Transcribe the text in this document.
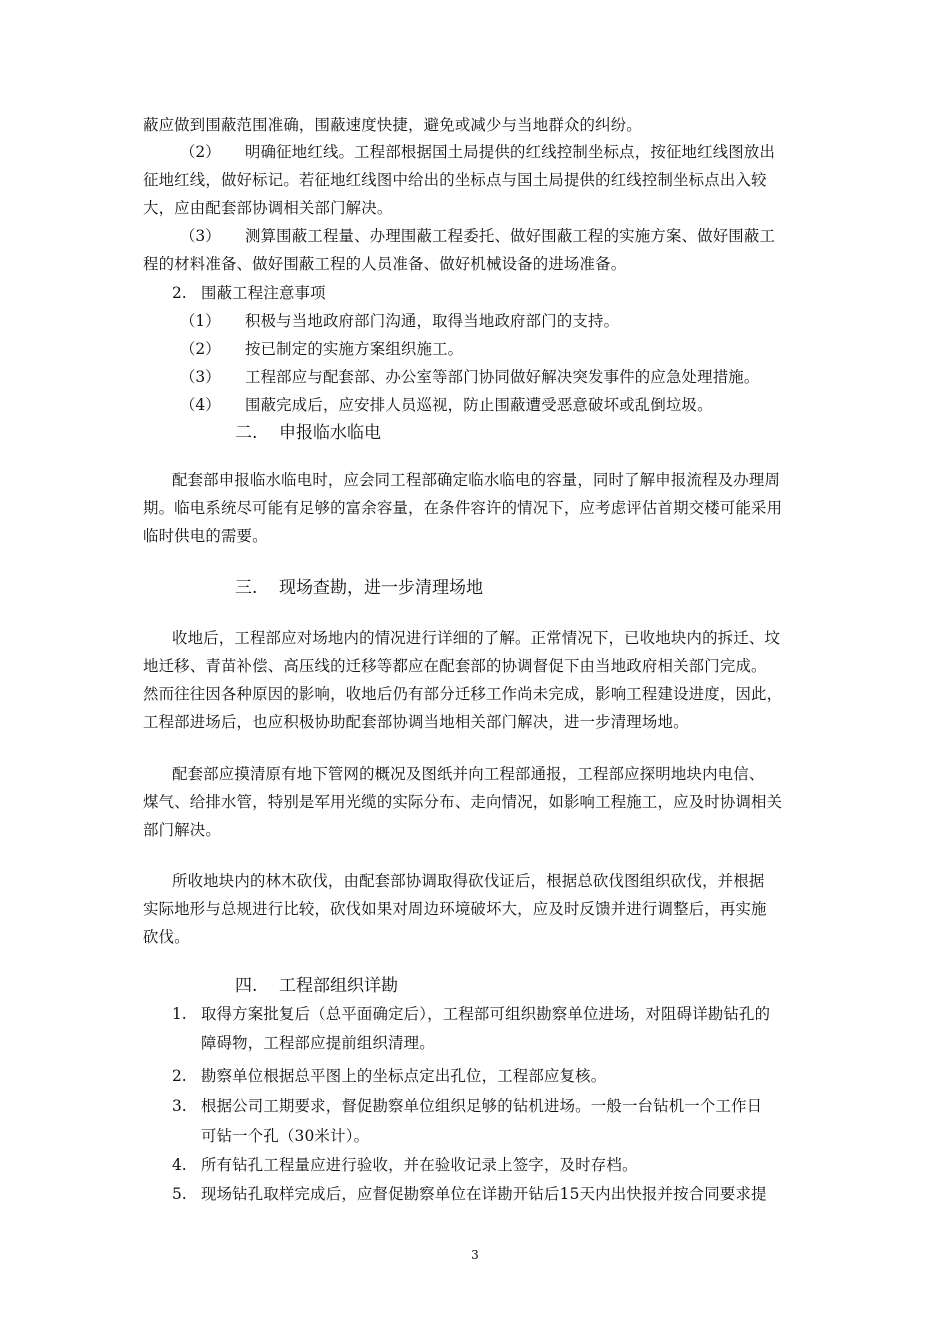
蔽应做到围蔽范围准确，围蔽速度快捷，避免或减少与当地群众的纠纷。
（2） 明确征地红线。工程部根据国土局提供的红线控制坐标点，按征地红线图放出
征地红线，做好标记。若征地红线图中给出的坐标点与国土局提供的红线控制坐标点出入较
大，应由配套部协调相关部门解决。
（3） 测算围蔽工程量、办理围蔽工程委托、做好围蔽工程的实施方案、做好围蔽工
程的材料准备、做好围蔽工程的人员准备、做好机械设备的进场准备。
2. 围蔽工程注意事项
（1） 积极与当地政府部门沟通，取得当地政府部门的支持。
（2） 按已制定的实施方案组织施工。
（3） 工程部应与配套部、办公室等部门协同做好解决突发事件的应急处理措施。
（4） 围蔽完成后，应安排人员巡视，防止围蔽遭受恶意破坏或乱倒垃圾。
二. 申报临水临电
配套部申报临水临电时，应会同工程部确定临水临电的容量，同时了解申报流程及办理周
期。临电系统尽可能有足够的富余容量，在条件容许的情况下，应考虑评估首期交楼可能采用
临时供电的需要。
三. 现场查勘，进一步清理场地
收地后，工程部应对场地内的情况进行详细的了解。正常情况下，已收地块内的拆迁、坟
地迁移、青苗补偿、高压线的迁移等都应在配套部的协调督促下由当地政府相关部门完成。
然而往往因各种原因的影响，收地后仍有部分迁移工作尚未完成，影响工程建设进度，因此，
工程部进场后，也应积极协助配套部协调当地相关部门解决，进一步清理场地。
配套部应摸清原有地下管网的概况及图纸并向工程部通报，工程部应探明地块内电信、
煤气、给排水管，特别是军用光缆的实际分布、走向情况，如影响工程施工，应及时协调相关
部门解决。
所收地块内的林木砍伐，由配套部协调取得砍伐证后，根据总砍伐图组织砍伐，并根据
实际地形与总规进行比较，砍伐如果对周边环境破坏大，应及时反馈并进行调整后，再实施
砍伐。
四. 工程部组织详勘
1. 取得方案批复后（总平面确定后），工程部可组织勘察单位进场，对阻碍详勘钻孔的
障碍物，工程部应提前组织清理。
2. 勘察单位根据总平图上的坐标点定出孔位，工程部应复核。
3. 根据公司工期要求，督促勘察单位组织足够的钻机进场。一般一台钻机一个工作日
可钻一个孔（30米计）。
4. 所有钻孔工程量应进行验收，并在验收记录上签字，及时存档。
5. 现场钻孔取样完成后，应督促勘察单位在详勘开钻后15天内出快报并按合同要求提
3
